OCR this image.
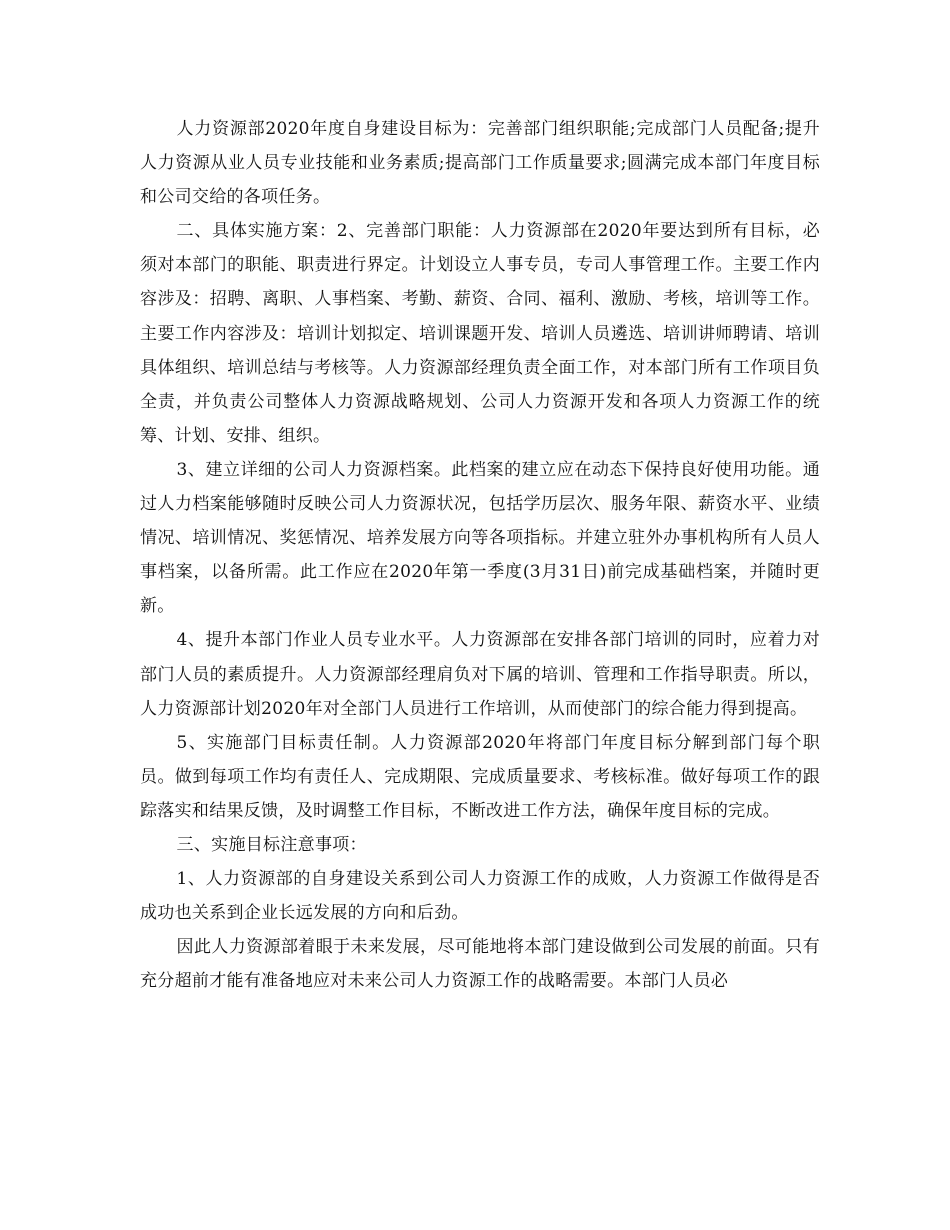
人力资源部2020年度自身建设目标为：完善部门组织职能;完成部门人员配备;提升人力资源从业人员专业技能和业务素质;提高部门工作质量要求;圆满完成本部门年度目标和公司交给的各项任务。

二、具体实施方案：2、完善部门职能：人力资源部在2020年要达到所有目标，必须对本部门的职能、职责进行界定。计划设立人事专员，专司人事管理工作。主要工作内容涉及：招聘、离职、人事档案、考勤、薪资、合同、福利、激励、考核，培训等工作。主要工作内容涉及：培训计划拟定、培训课题开发、培训人员遴选、培训讲师聘请、培训具体组织、培训总结与考核等。人力资源部经理负责全面工作，对本部门所有工作项目负全责，并负责公司整体人力资源战略规划、公司人力资源开发和各项人力资源工作的统筹、计划、安排、组织。

3、建立详细的公司人力资源档案。此档案的建立应在动态下保持良好使用功能。通过人力档案能够随时反映公司人力资源状况，包括学历层次、服务年限、薪资水平、业绩情况、培训情况、奖惩情况、培养发展方向等各项指标。并建立驻外办事机构所有人员人事档案，以备所需。此工作应在2020年第一季度(3月31日)前完成基础档案，并随时更新。

4、提升本部门作业人员专业水平。人力资源部在安排各部门培训的同时，应着力对部门人员的素质提升。人力资源部经理肩负对下属的培训、管理和工作指导职责。所以，人力资源部计划2020年对全部门人员进行工作培训，从而使部门的综合能力得到提高。

5、实施部门目标责任制。人力资源部2020年将部门年度目标分解到部门每个职员。做到每项工作均有责任人、完成期限、完成质量要求、考核标准。做好每项工作的跟踪落实和结果反馈，及时调整工作目标，不断改进工作方法，确保年度目标的完成。

三、实施目标注意事项：

1、人力资源部的自身建设关系到公司人力资源工作的成败，人力资源工作做得是否成功也关系到企业长远发展的方向和后劲。

因此人力资源部着眼于未来发展，尽可能地将本部门建设做到公司发展的前面。只有充分超前才能有准备地应对未来公司人力资源工作的战略需要。本部门人员必
